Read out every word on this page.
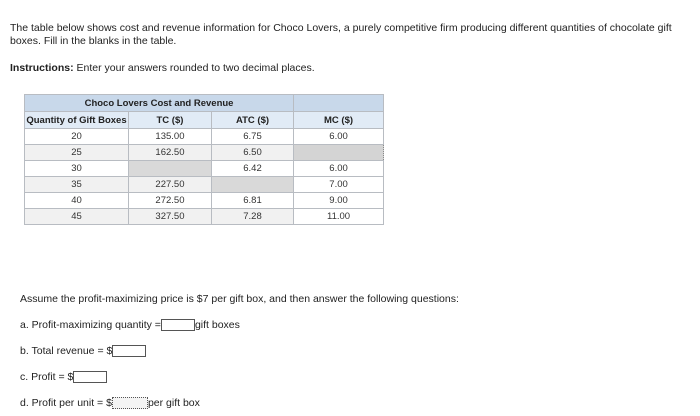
The table below shows cost and revenue information for Choco Lovers, a purely competitive firm producing different quantities of chocolate gift boxes. Fill in the blanks in the table.
Instructions: Enter your answers rounded to two decimal places.
Choco Lovers Cost and Revenue			
Quantity of Gift Boxes	TC ($)	ATC ($)	MC ($)
20	135.00	6.75	6.00
25	162.50	6.50	
30		6.42	6.00
35	227.50		7.00
40	272.50	6.81	9.00
45	327.50	7.28	11.00
Assume the profit-maximizing price is $7 per gift box, and then answer the following questions:
a. Profit-maximizing quantity =	gift boxes
b. Total revenue = $
c. Profit = $
d. Profit per unit = $	per gift box
